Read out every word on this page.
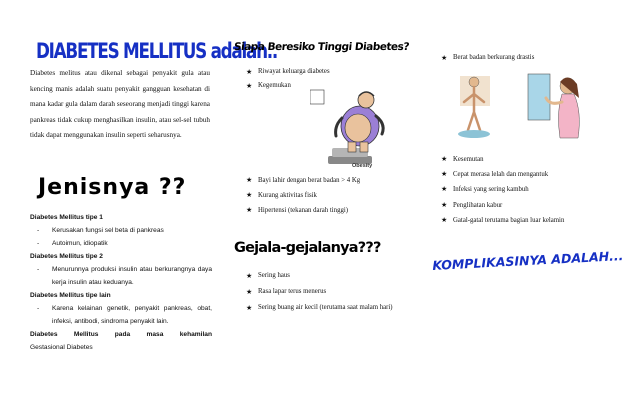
DIABETES MELLITUS adalah..

Diabetes melitus atau dikenal sebagai penyakit gula atau kencing manis adalah suatu penyakit gangguan kesehatan di mana kadar gula dalam darah seseorang menjadi tinggi karena pankreas tidak cukup menghasilkan insulin, atau sel-sel tubuh tidak dapat menggunakan insulin seperti seharusnya.

Jenisnya ??
Diabetes Mellitus tipe 1
- Kerusakan fungsi sel beta di pankreas
- Autoimun, idiopatik
Diabetes Mellitus tipe 2
- Menurunnya produksi insulin atau berkurangnya daya kerja insulin atau keduanya.
Diabetes Mellitus tipe lain
- Karena kelainan genetik, penyakit pankreas, obat, infeksi, antibodi, sindroma penyakit lain.
Diabetes Mellitus pada masa kehamilan
Gestasional Diabetes
Siapa Beresiko Tinggi Diabetes?
★ Riwayat keluarga diabetes
★ Kegemukan
Obesity
★ Bayi lahir dengan berat badan > 4 Kg
★ Kurang aktivitas fisik
★ Hipertensi (tekanan darah tinggi)
Gejala-gejalanya???
★ Sering haus
★ Rasa lapar terus menerus
★ Sering buang air kecil (terutama saat malam hari)
★ Berat badan berkurang drastis
★ Kesemutan
★ Cepat merasa lelah dan mengantuk
★ Infeksi yang sering kambuh
★ Penglihatan kabur
★ Gatal-gatal terutama bagian luar kelamin
KOMPLIKASINYA ADALAH...
